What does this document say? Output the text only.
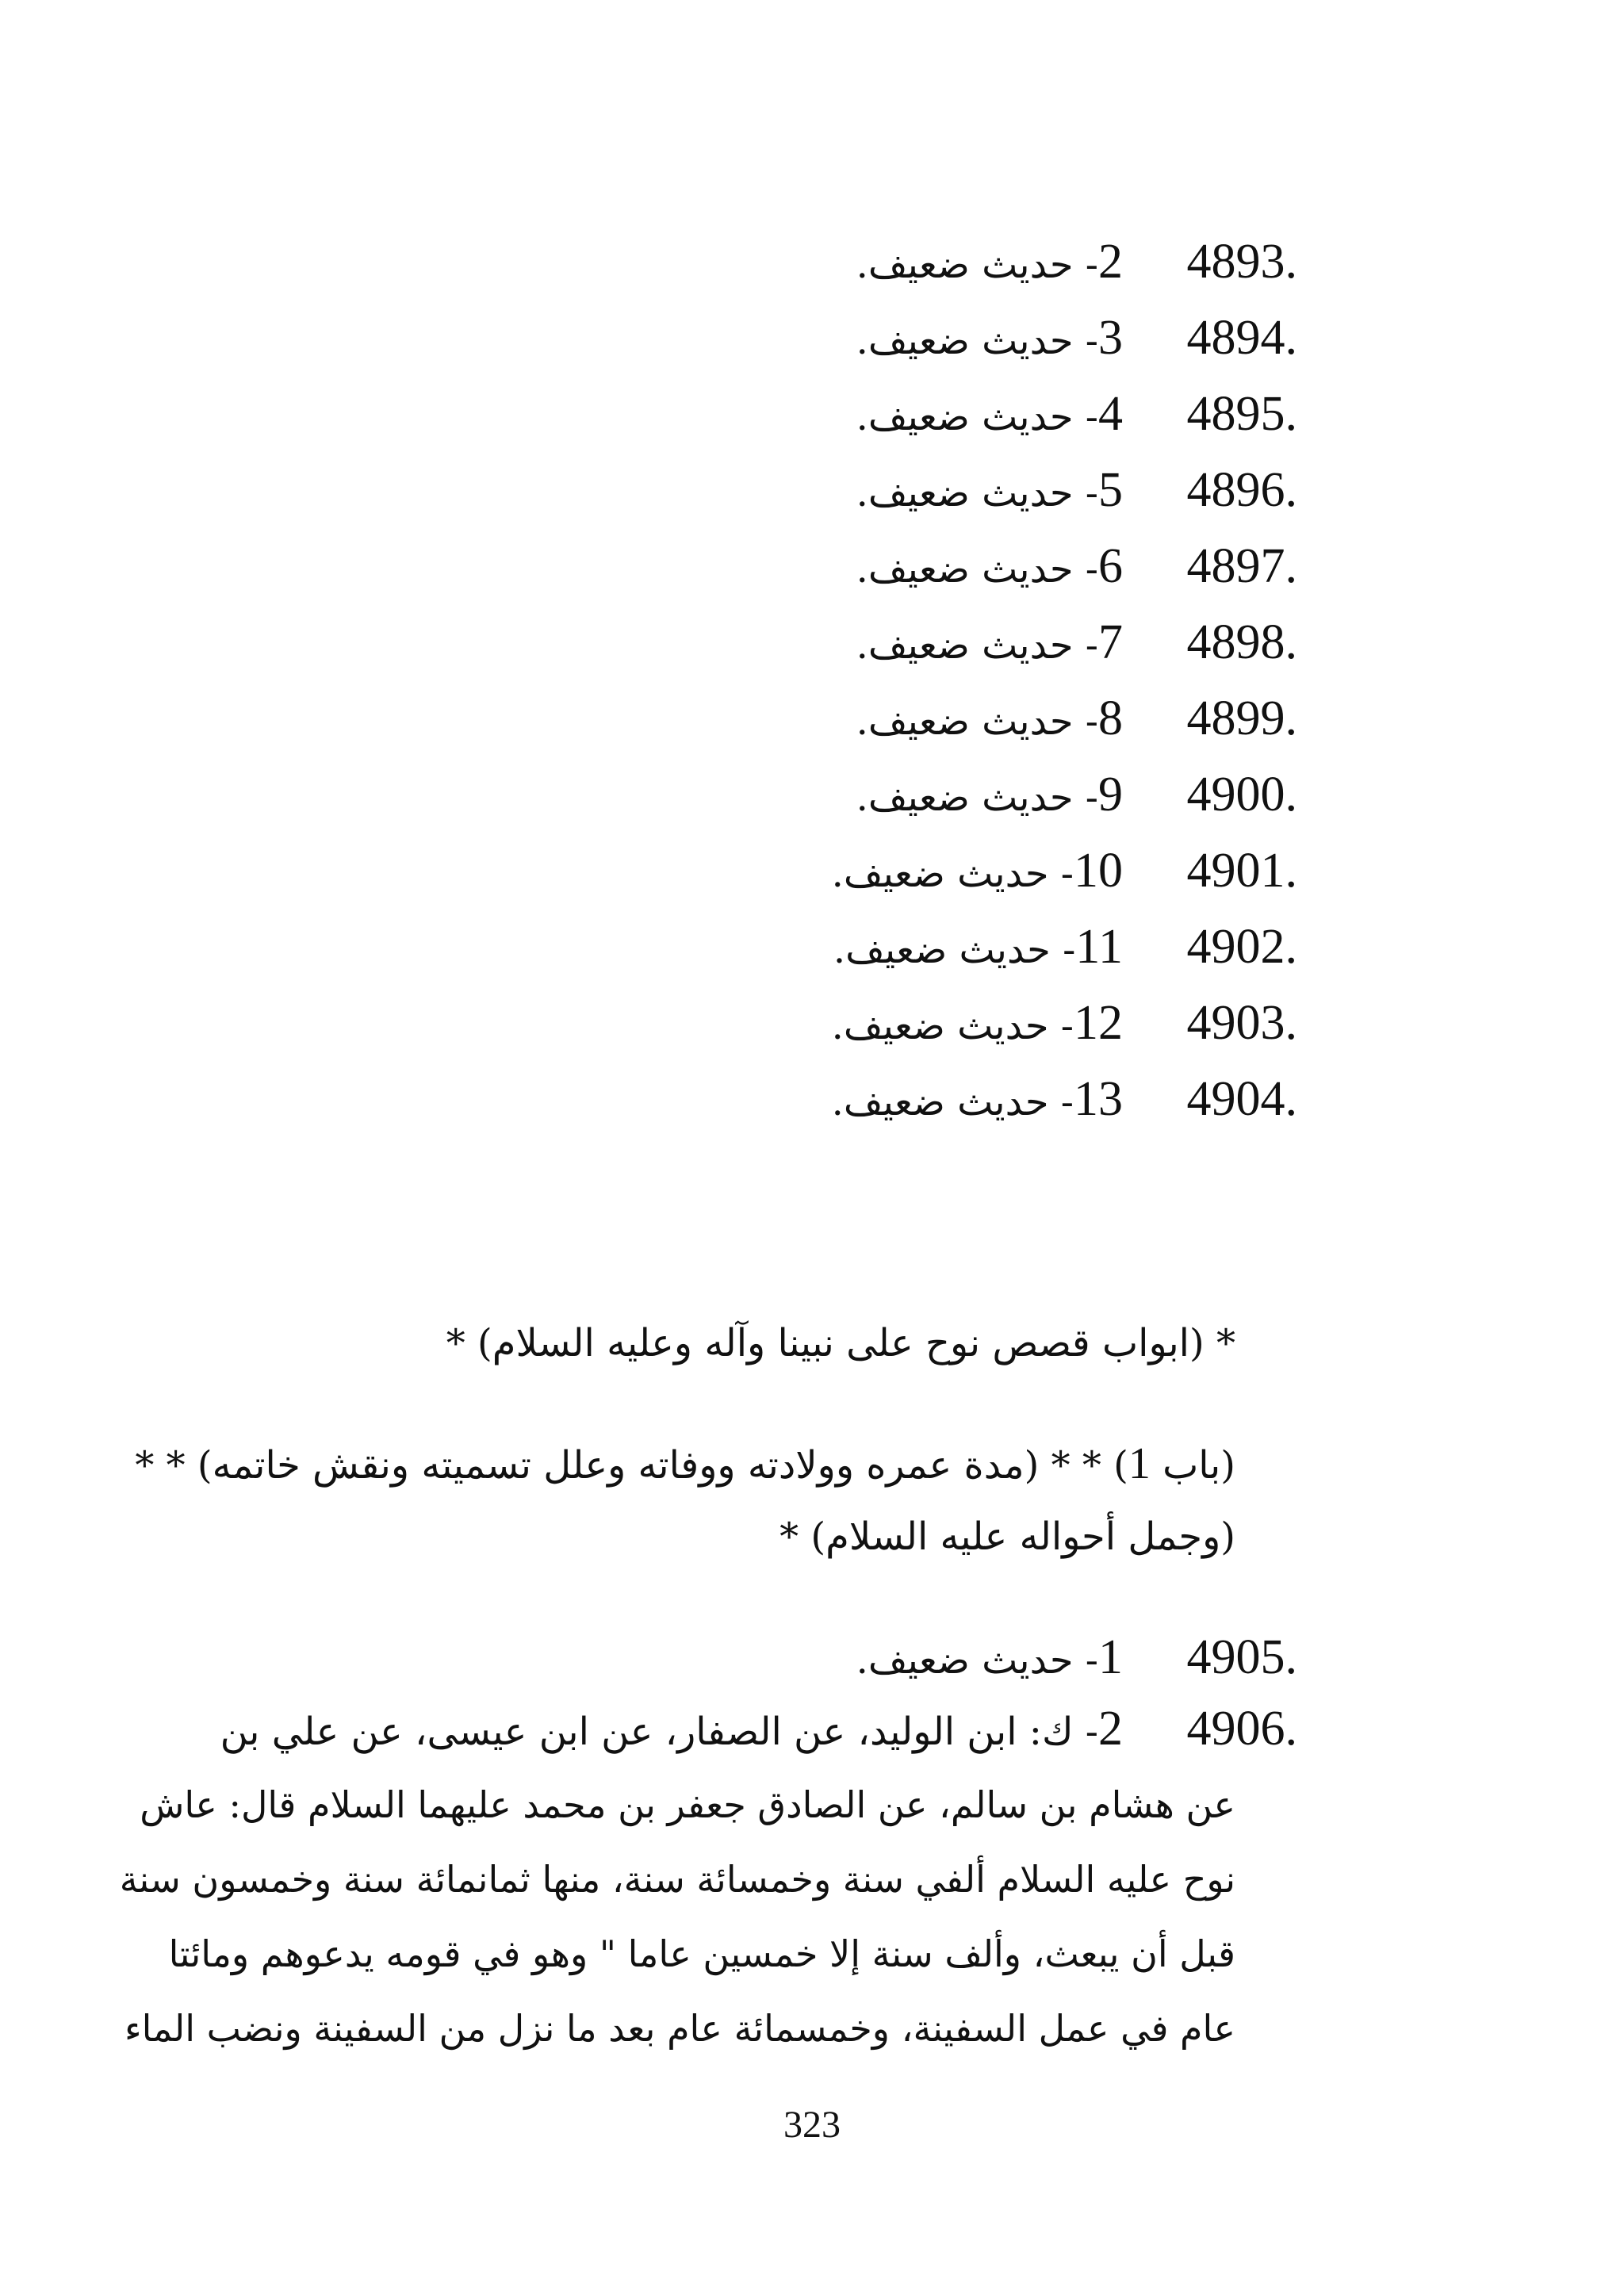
4893.
2- حديث ضعيف.
4894.
3- حديث ضعيف.
4895.
4- حديث ضعيف.
4896.
5- حديث ضعيف.
4897.
6- حديث ضعيف.
4898.
7- حديث ضعيف.
4899.
8- حديث ضعيف.
4900.
9- حديث ضعيف.
4901.
10- حديث ضعيف.
4902.
11- حديث ضعيف.
4903.
12- حديث ضعيف.
4904.
13- حديث ضعيف.
* (ابواب قصص نوح على نبينا وآله وعليه السلام) *
(باب 1) * * (مدة عمره وولادته ووفاته وعلل تسميته ونقش خاتمه) * *
(وجمل أحواله عليه السلام) *
4905.
1- حديث ضعيف.
4906.
2- ك: ابن الوليد، عن الصفار، عن ابن عيسى، عن علي بن
عن هشام بن سالم، عن الصادق جعفر بن محمد عليهما السلام قال: عاش
نوح عليه السلام ألفي سنة وخمسائة سنة، منها ثمانمائة سنة وخمسون سنة
قبل أن يبعث، وألف سنة إلا خمسين عاما " وهو في قومه يدعوهم ومائتا
عام في عمل السفينة، وخمسمائة عام بعد ما نزل من السفينة ونضب الماء
323
